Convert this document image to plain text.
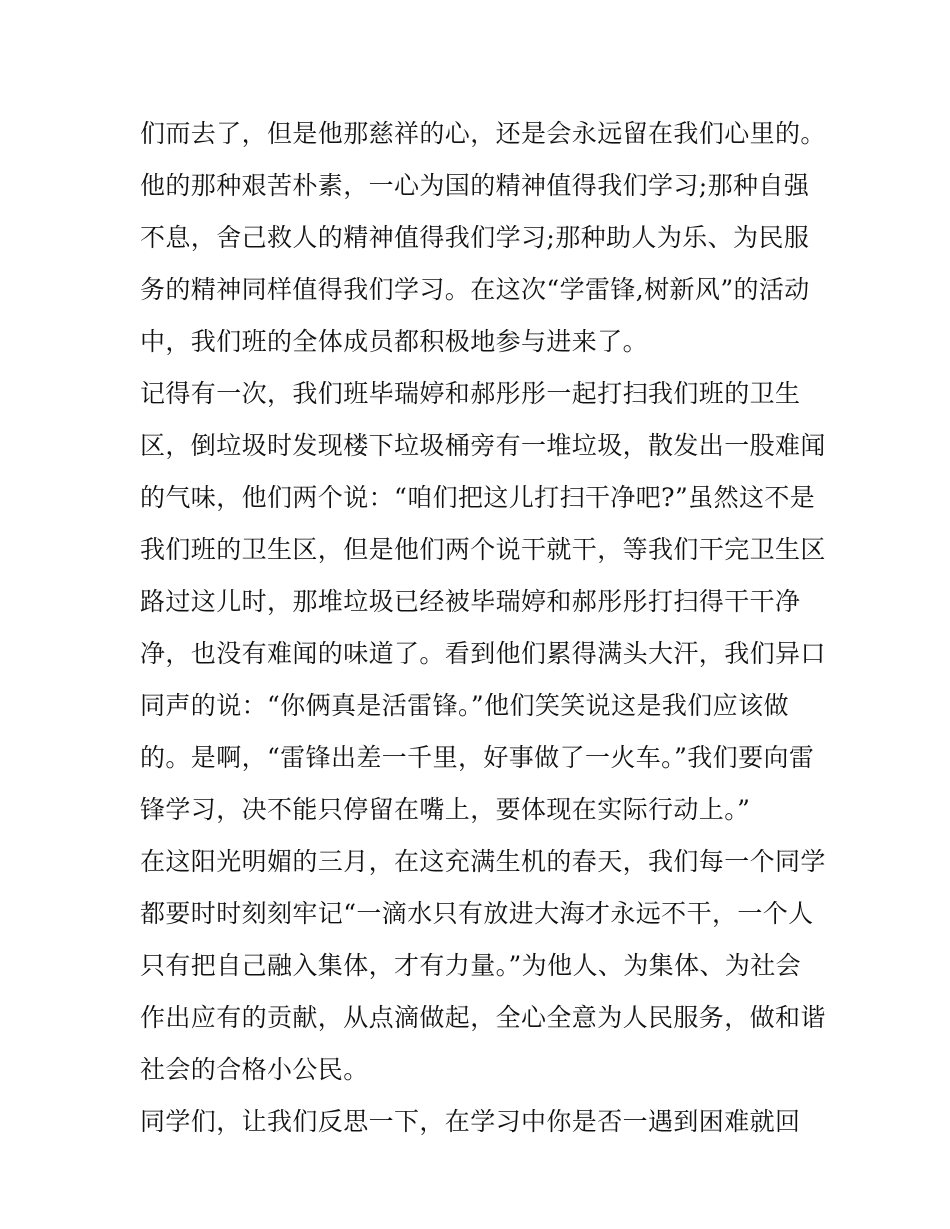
们而去了，但是他那慈祥的心，还是会永远留在我们心里的。
他的那种艰苦朴素，一心为国的精神值得我们学习;那种自强
不息，舍己救人的精神值得我们学习;那种助人为乐、为民服
务的精神同样值得我们学习。在这次“学雷锋,树新风”的活动
中，我们班的全体成员都积极地参与进来了。
记得有一次，我们班毕瑞婷和郝彤彤一起打扫我们班的卫生
区，倒垃圾时发现楼下垃圾桶旁有一堆垃圾，散发出一股难闻
的气味，他们两个说：“咱们把这儿打扫干净吧?”虽然这不是
我们班的卫生区，但是他们两个说干就干，等我们干完卫生区
路过这儿时，那堆垃圾已经被毕瑞婷和郝彤彤打扫得干干净
净，也没有难闻的味道了。看到他们累得满头大汗，我们异口
同声的说：“你俩真是活雷锋。”他们笑笑说这是我们应该做
的。是啊，“雷锋出差一千里，好事做了一火车。”我们要向雷
锋学习，决不能只停留在嘴上，要体现在实际行动上。”
在这阳光明媚的三月，在这充满生机的春天，我们每一个同学
都要时时刻刻牢记“一滴水只有放进大海才永远不干，一个人
只有把自己融入集体，才有力量。”为他人、为集体、为社会
作出应有的贡献，从点滴做起，全心全意为人民服务，做和谐
社会的合格小公民。
同学们，让我们反思一下，在学习中你是否一遇到困难就回
